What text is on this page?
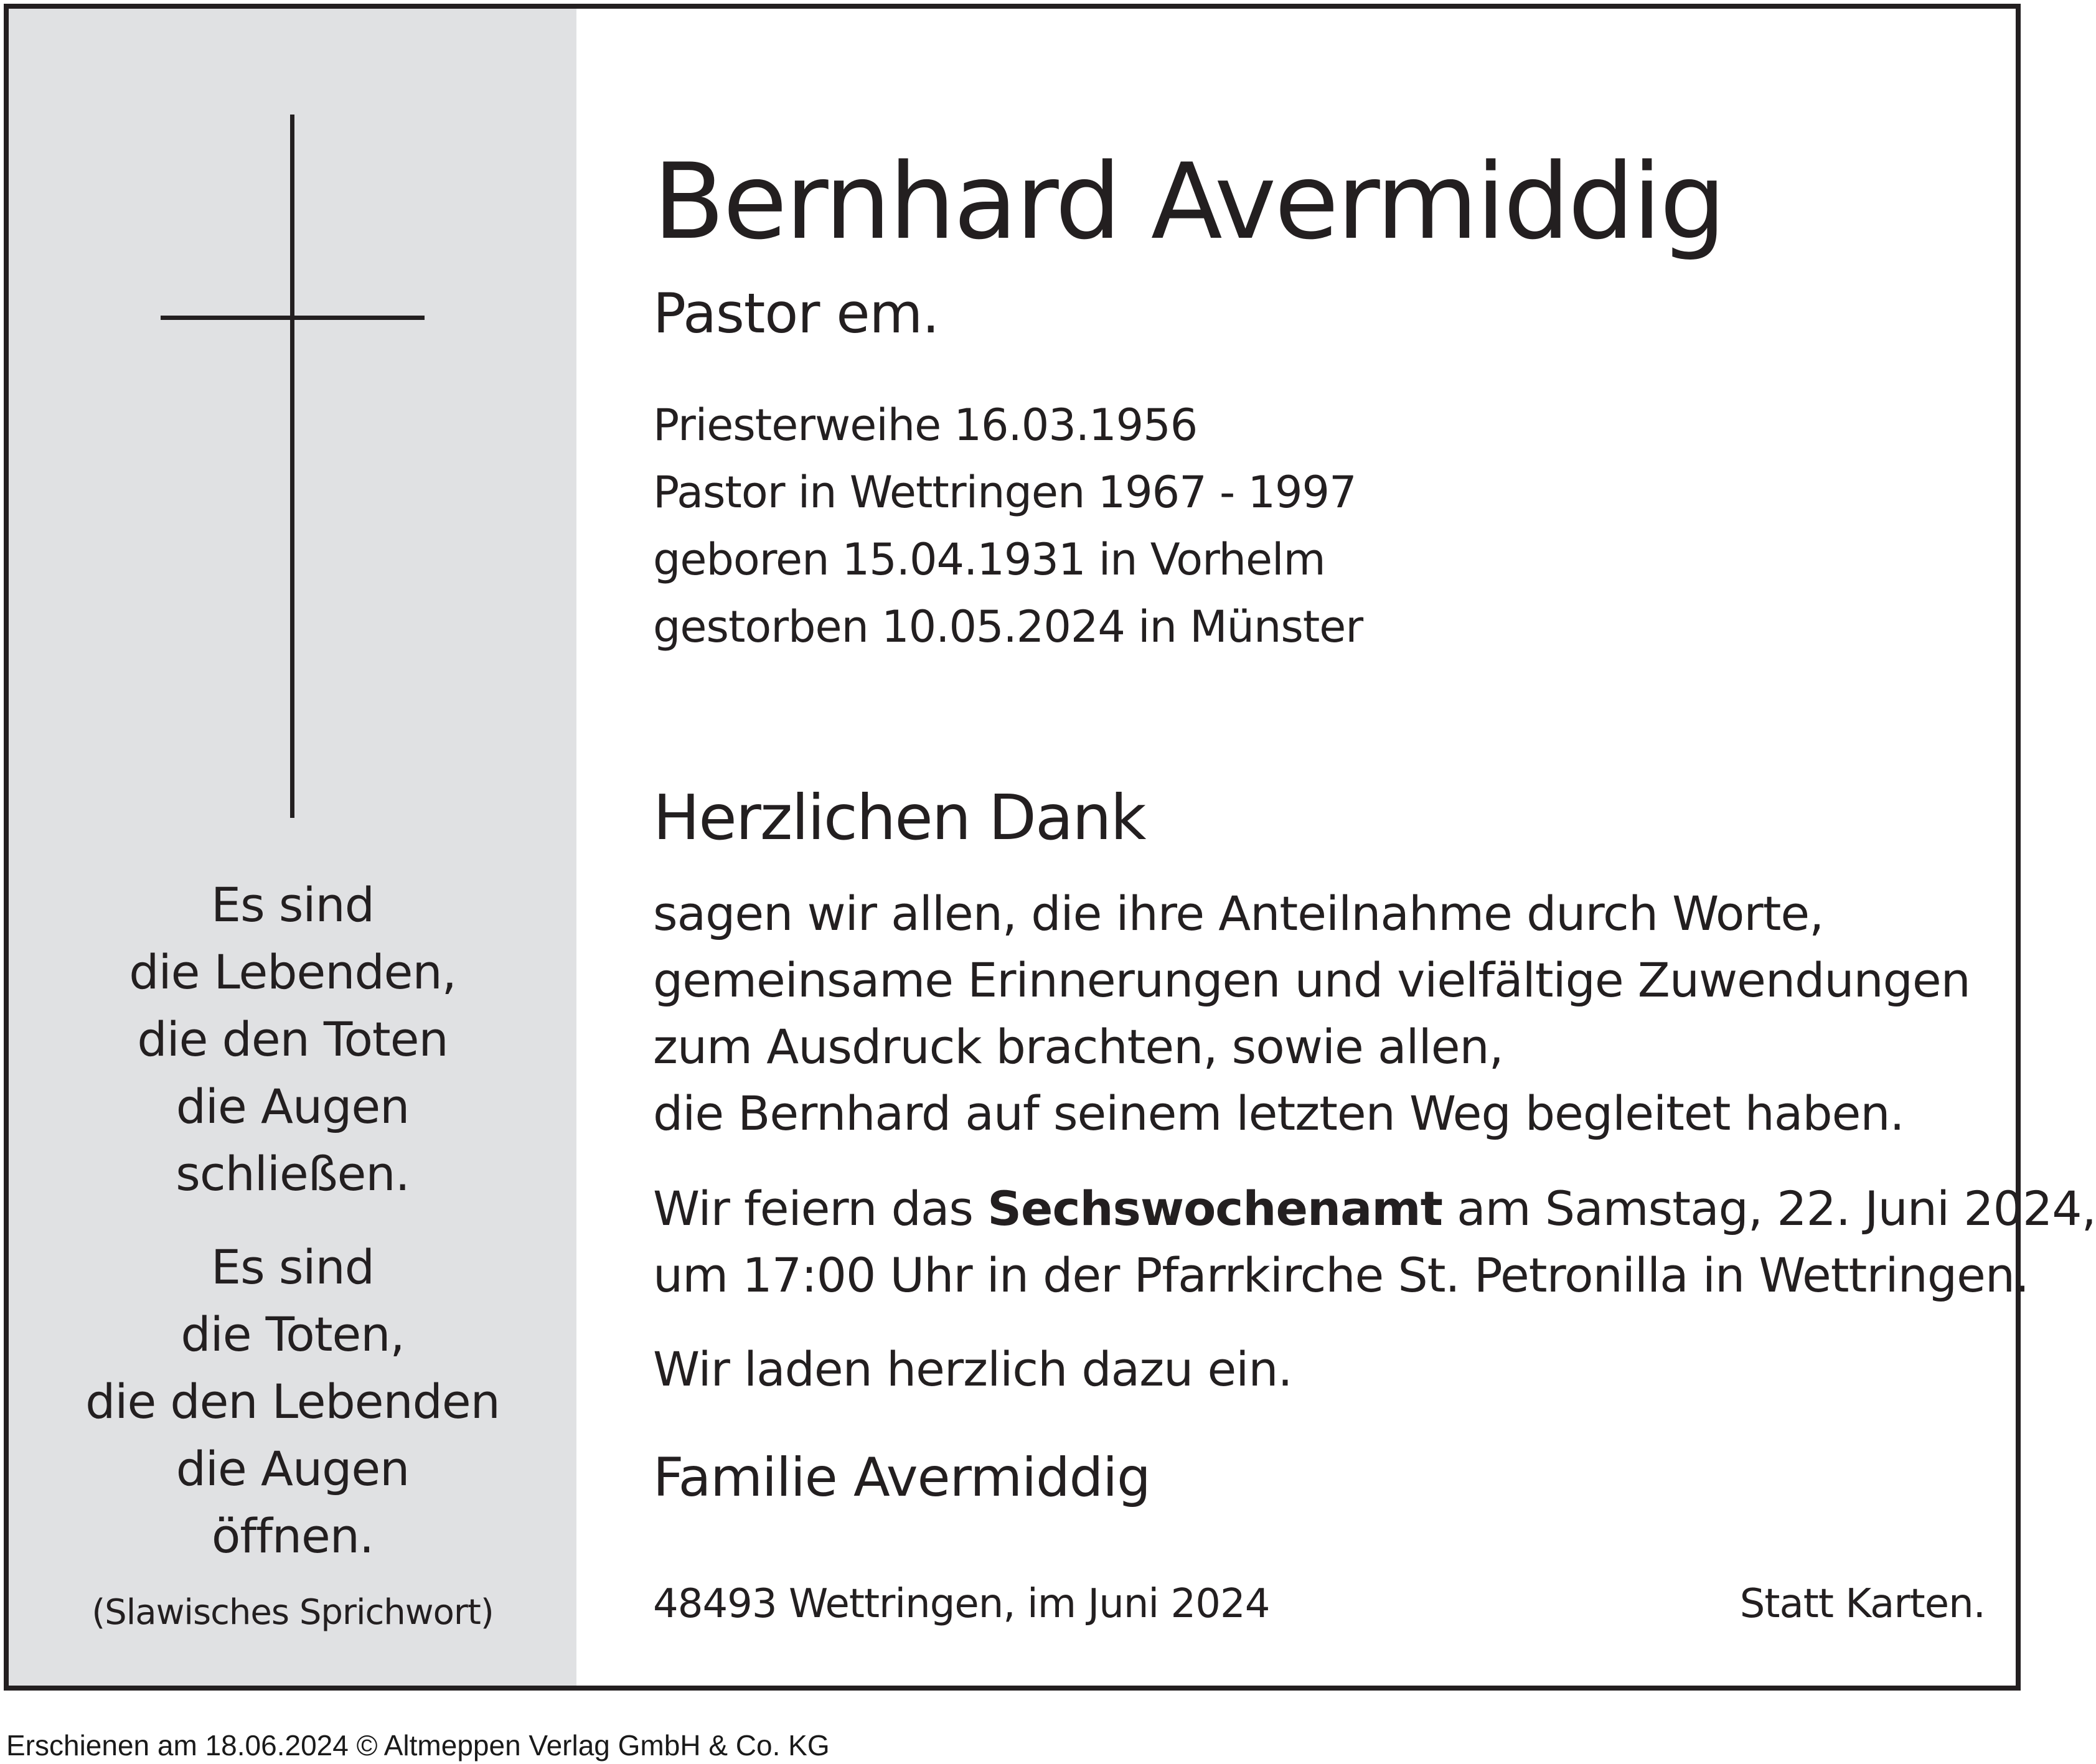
Es sind
die Lebenden,
die den Toten
die Augen
schließen.
Es sind
die Toten,
die den Lebenden
die Augen
öffnen.
(Slawisches Sprichwort)
Bernhard Avermiddig
Pastor em.
Priesterweihe 16.03.1956
Pastor in Wettringen 1967 - 1997
geboren 15.04.1931 in Vorhelm
gestorben 10.05.2024 in Münster
Herzlichen Dank
sagen wir allen, die ihre Anteilnahme durch Worte,
gemeinsame Erinnerungen und vielfältige Zuwendungen
zum Ausdruck brachten, sowie allen,
die Bernhard auf seinem letzten Weg begleitet haben.
Wir feiern das Sechswochenamt am Samstag, 22. Juni 2024,
um 17:00 Uhr in der Pfarrkirche St. Petronilla in Wettringen.
Wir laden herzlich dazu ein.
Familie Avermiddig
48493 Wettringen, im Juni 2024	Statt Karten.
Erschienen am 18.06.2024 © Altmeppen Verlag GmbH & Co. KG
